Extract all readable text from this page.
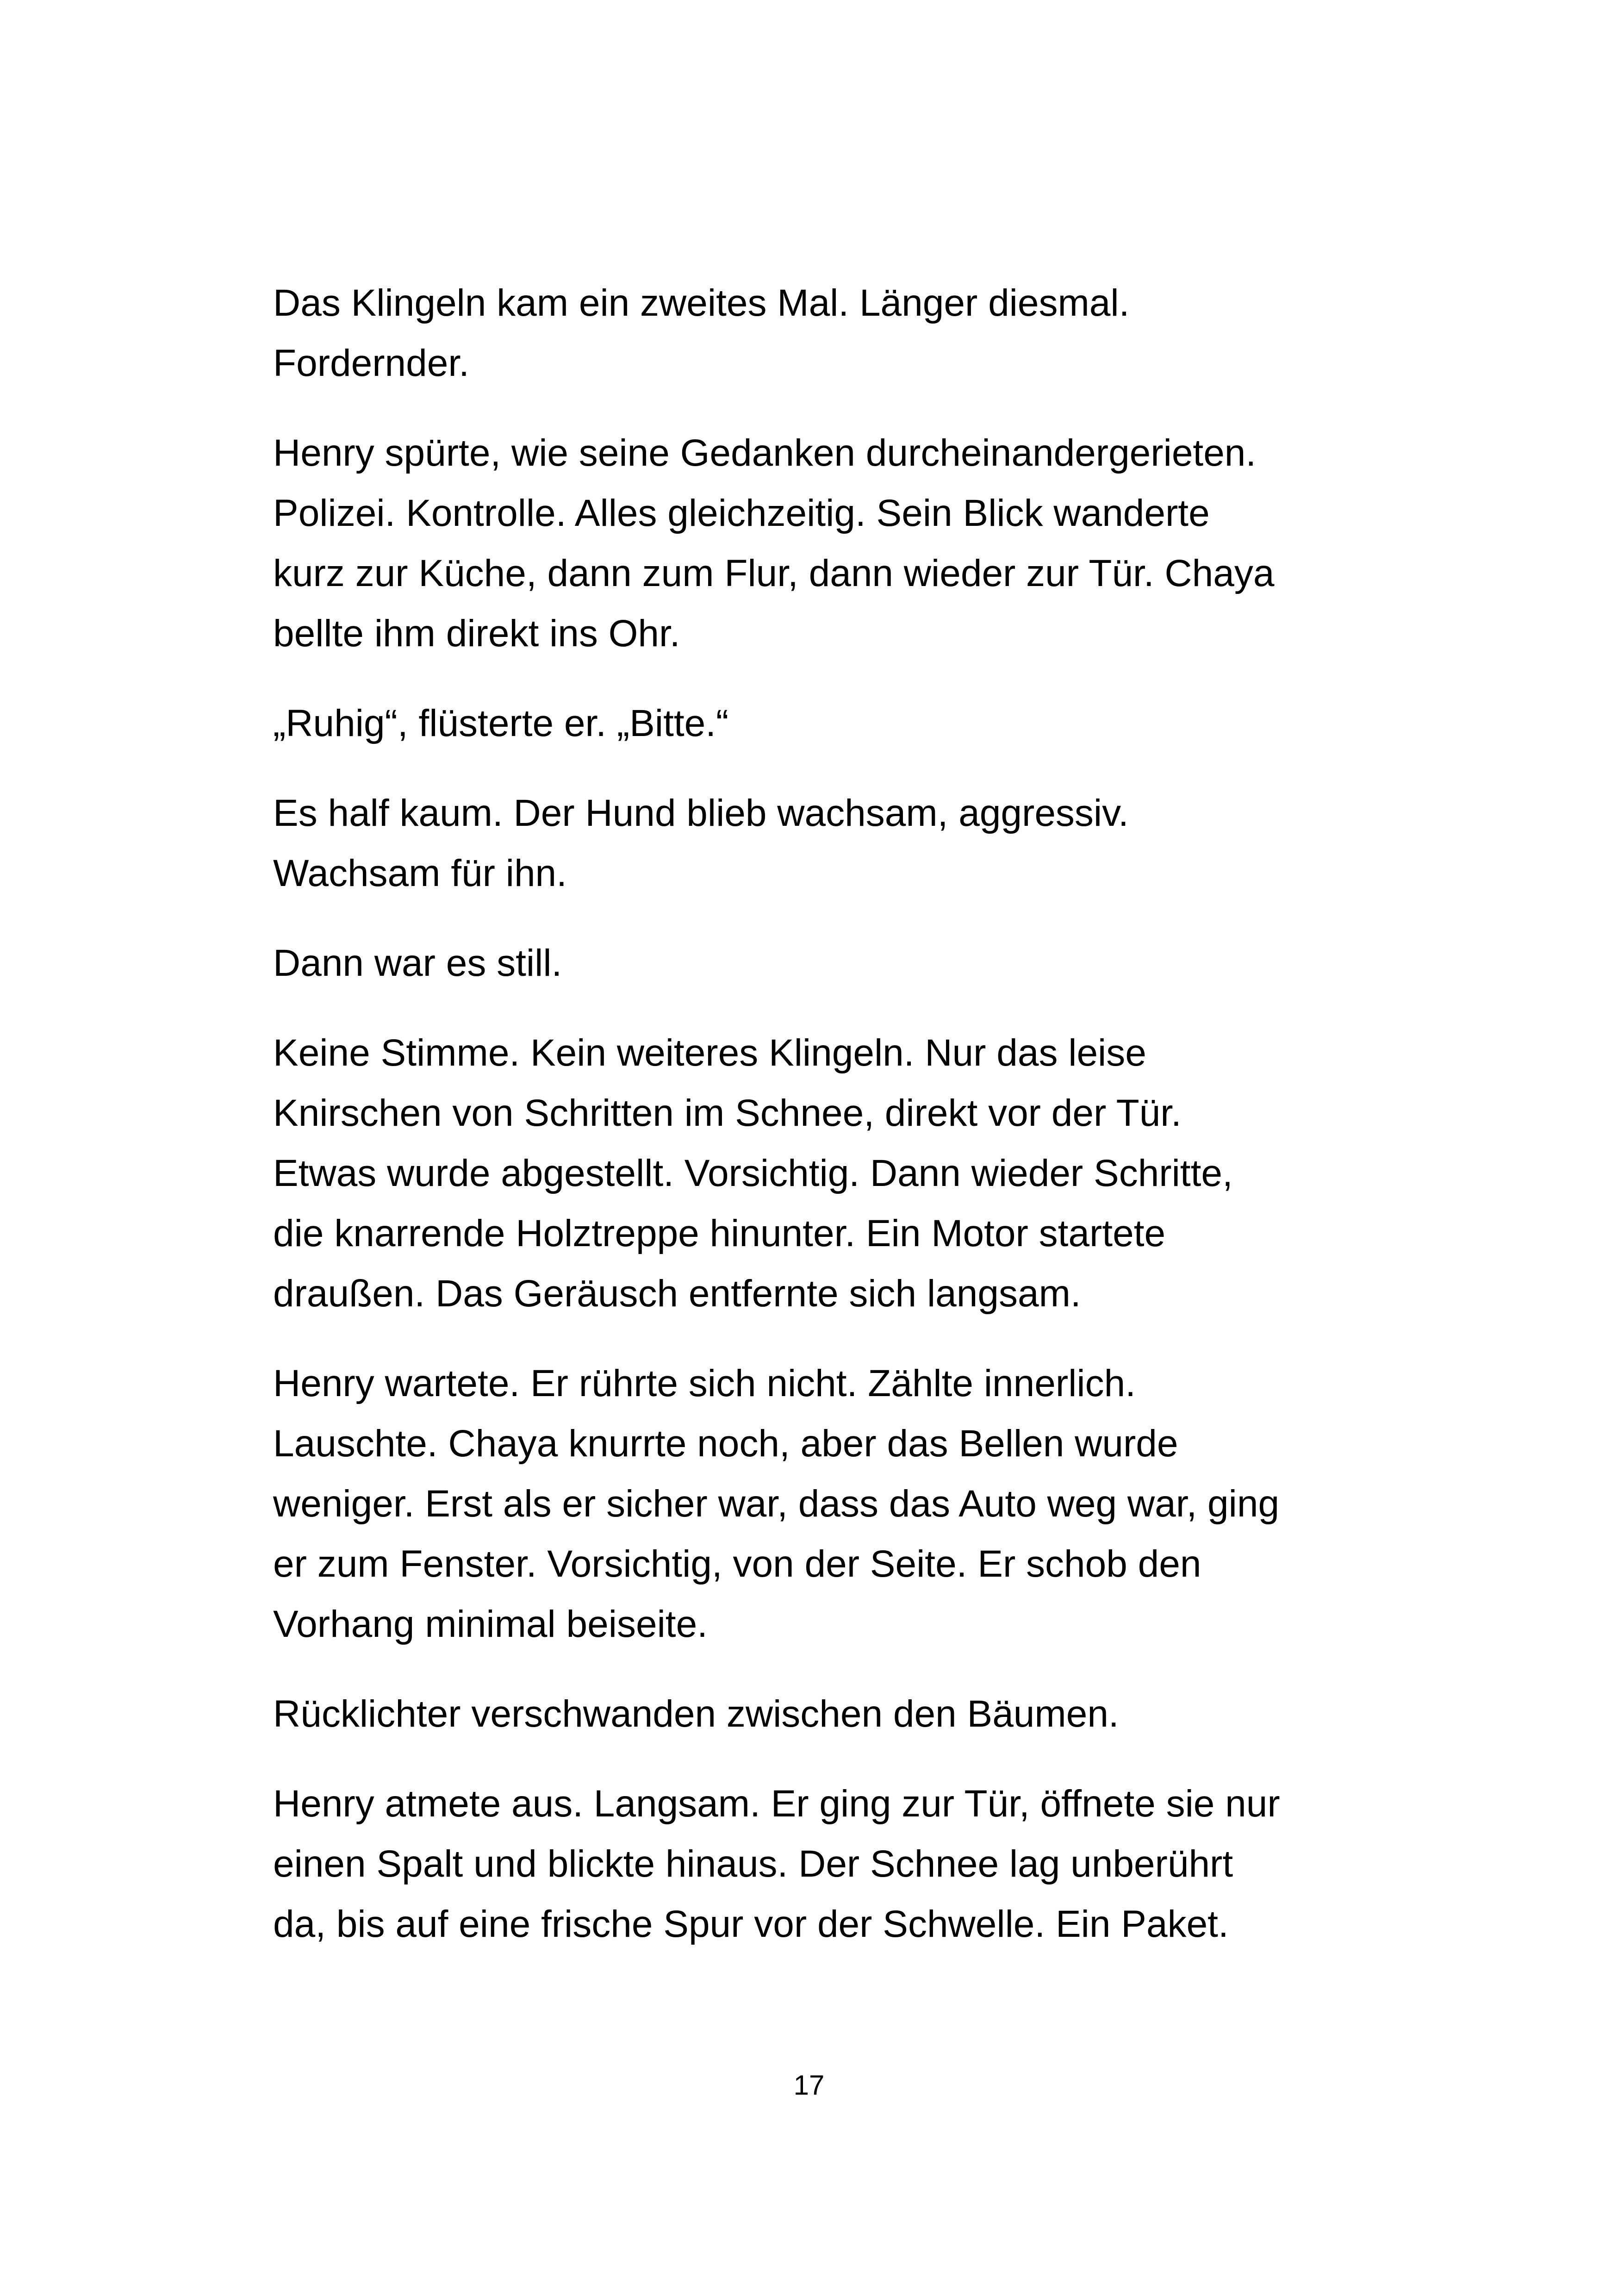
Das Klingeln kam ein zweites Mal. Länger diesmal.
Fordernder.

Henry spürte, wie seine Gedanken durcheinandergerieten.
Polizei. Kontrolle. Alles gleichzeitig. Sein Blick wanderte
kurz zur Küche, dann zum Flur, dann wieder zur Tür. Chaya
bellte ihm direkt ins Ohr.

„Ruhig“, flüsterte er. „Bitte.“

Es half kaum. Der Hund blieb wachsam, aggressiv.
Wachsam für ihn.

Dann war es still.

Keine Stimme. Kein weiteres Klingeln. Nur das leise
Knirschen von Schritten im Schnee, direkt vor der Tür.
Etwas wurde abgestellt. Vorsichtig. Dann wieder Schritte,
die knarrende Holztreppe hinunter. Ein Motor startete
draußen. Das Geräusch entfernte sich langsam.

Henry wartete. Er rührte sich nicht. Zählte innerlich.
Lauschte. Chaya knurrte noch, aber das Bellen wurde
weniger. Erst als er sicher war, dass das Auto weg war, ging
er zum Fenster. Vorsichtig, von der Seite. Er schob den
Vorhang minimal beiseite.

Rücklichter verschwanden zwischen den Bäumen.

Henry atmete aus. Langsam. Er ging zur Tür, öffnete sie nur
einen Spalt und blickte hinaus. Der Schnee lag unberührt
da, bis auf eine frische Spur vor der Schwelle. Ein Paket.

17
